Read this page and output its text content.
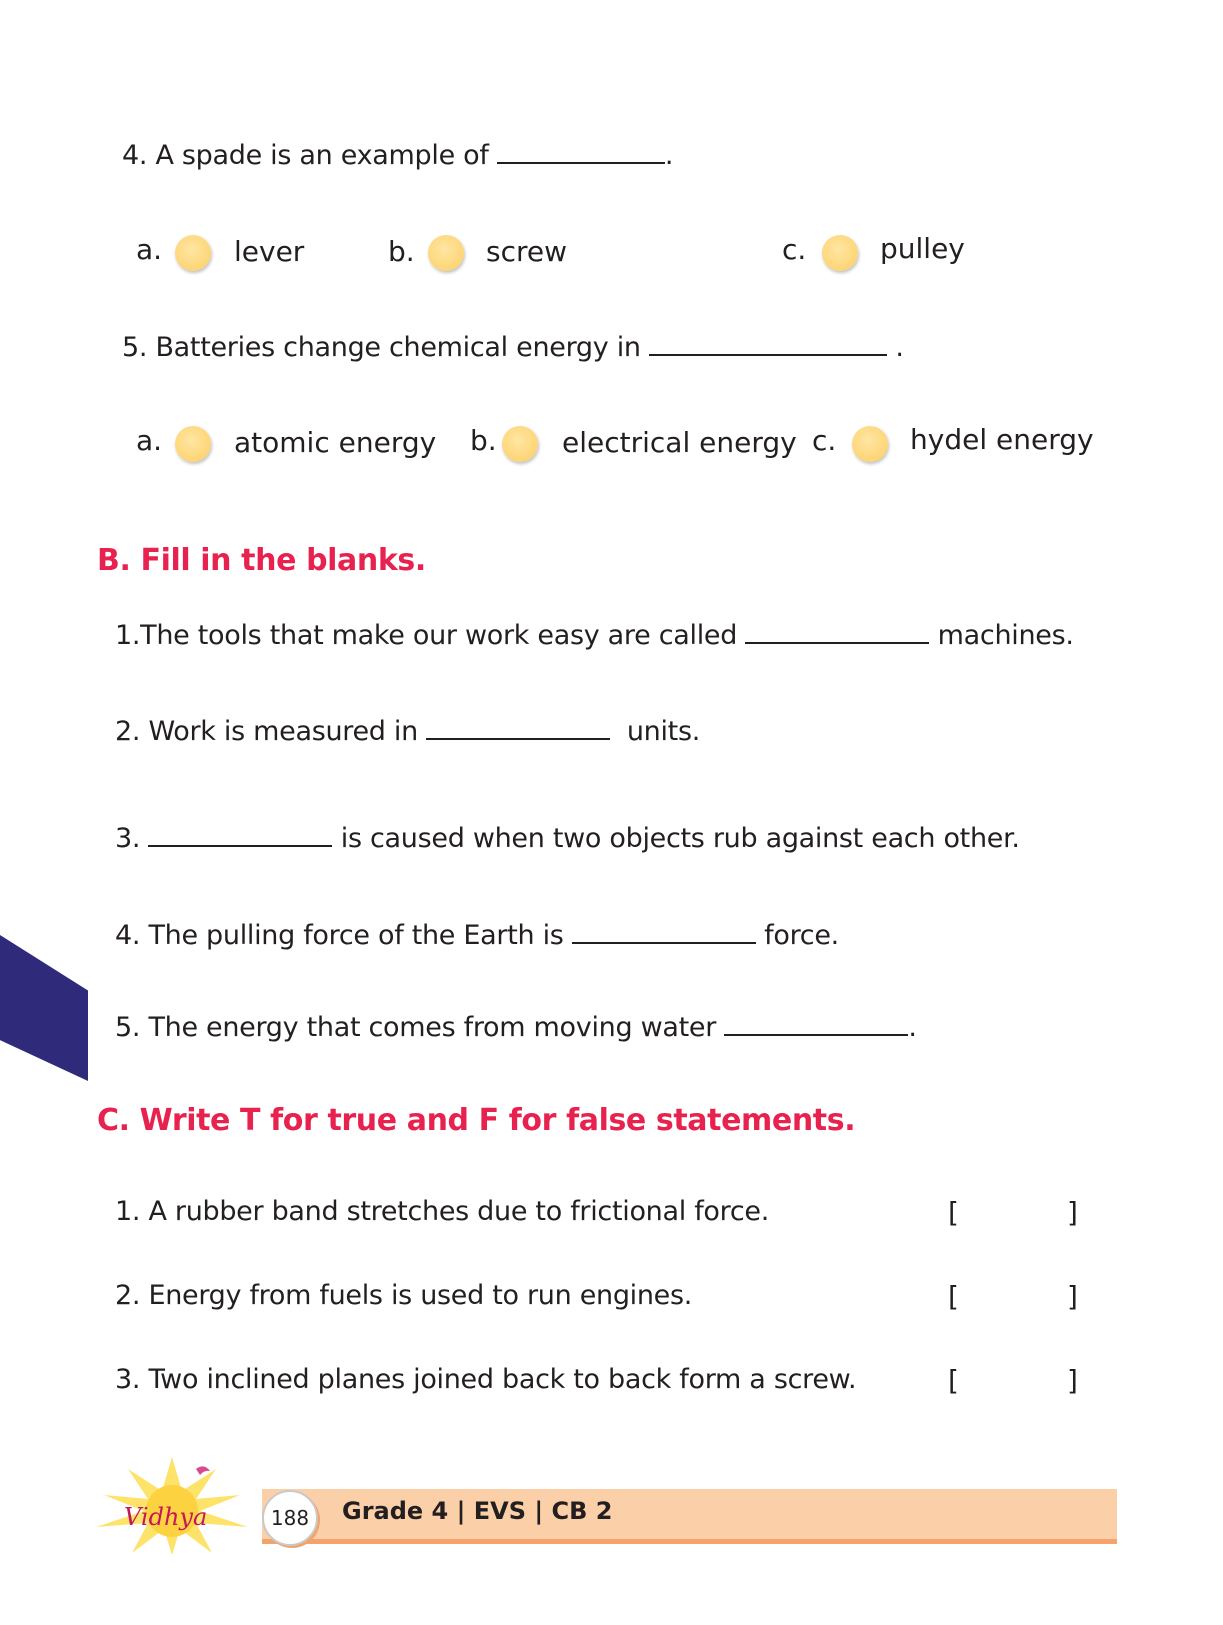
4. A spade is an example of	.
a.	lever	b.	screw	c.	pulley
5. Batteries change chemical energy in	.
a.	atomic energy b. electrical energy c.	hydel energy
B. Fill in the blanks.
1.The tools that make our work easy are called	machines.
2. Work is measured in	units.
3.	is caused when two objects rub against each other.
4. The pulling force of the Earth is	force.
5. The energy that comes from moving water	.
C. Write T for true and F for false statements.
1. A rubber band stretches due to frictional force.	[	]
2. Energy from fuels is used to run engines.	[	]
3. Two inclined planes joined back to back form a screw.	[	]
Vidhya	188	Grade 4 | EVS | CB 2
